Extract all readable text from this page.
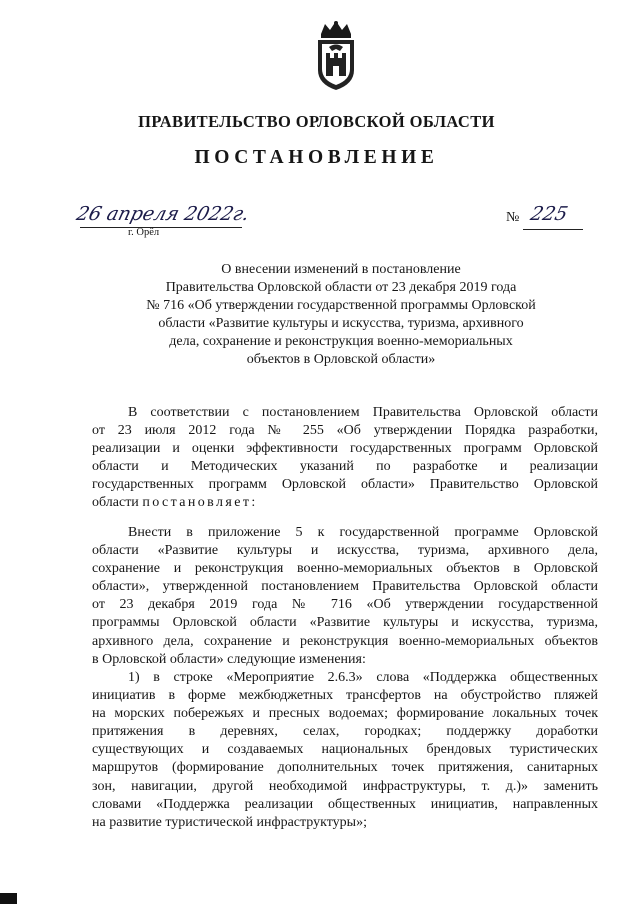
ПРАВИТЕЛЬСТВО ОРЛОВСКОЙ ОБЛАСТИ
ПОСТАНОВЛЕНИЕ
26 апреля 2022г.
г. Орёл
№ 225
О внесении изменений в постановление
Правительства Орловской области от 23 декабря 2019 года
№ 716 «Об утверждении государственной программы Орловской
области «Развитие культуры и искусства, туризма, архивного
дела, сохранение и реконструкция военно-мемориальных
объектов в Орловской области»
В соответствии с постановлением Правительства Орловской области
от 23 июля 2012 года № 255 «Об утверждении Порядка разработки,
реализации и оценки эффективности государственных программ Орловской
области и Методических указаний по разработке и реализации
государственных программ Орловской области» Правительство Орловской
области постановляет:
Внести в приложение 5 к государственной программе Орловской
области «Развитие культуры и искусства, туризма, архивного дела,
сохранение и реконструкция военно-мемориальных объектов в Орловской
области», утвержденной постановлением Правительства Орловской области
от 23 декабря 2019 года № 716 «Об утверждении государственной
программы Орловской области «Развитие культуры и искусства, туризма,
архивного дела, сохранение и реконструкция военно-мемориальных объектов
в Орловской области» следующие изменения:
1) в строке «Мероприятие 2.6.3» слова «Поддержка общественных
инициатив в форме межбюджетных трансфертов на обустройство пляжей
на морских побережьях и пресных водоемах; формирование локальных точек
притяжения в деревнях, селах, городках; поддержку доработки
существующих и создаваемых национальных брендовых туристических
маршрутов (формирование дополнительных точек притяжения, санитарных
зон, навигации, другой необходимой инфраструктуры, т. д.)» заменить
словами «Поддержка реализации общественных инициатив, направленных
на развитие туристической инфраструктуры»;
